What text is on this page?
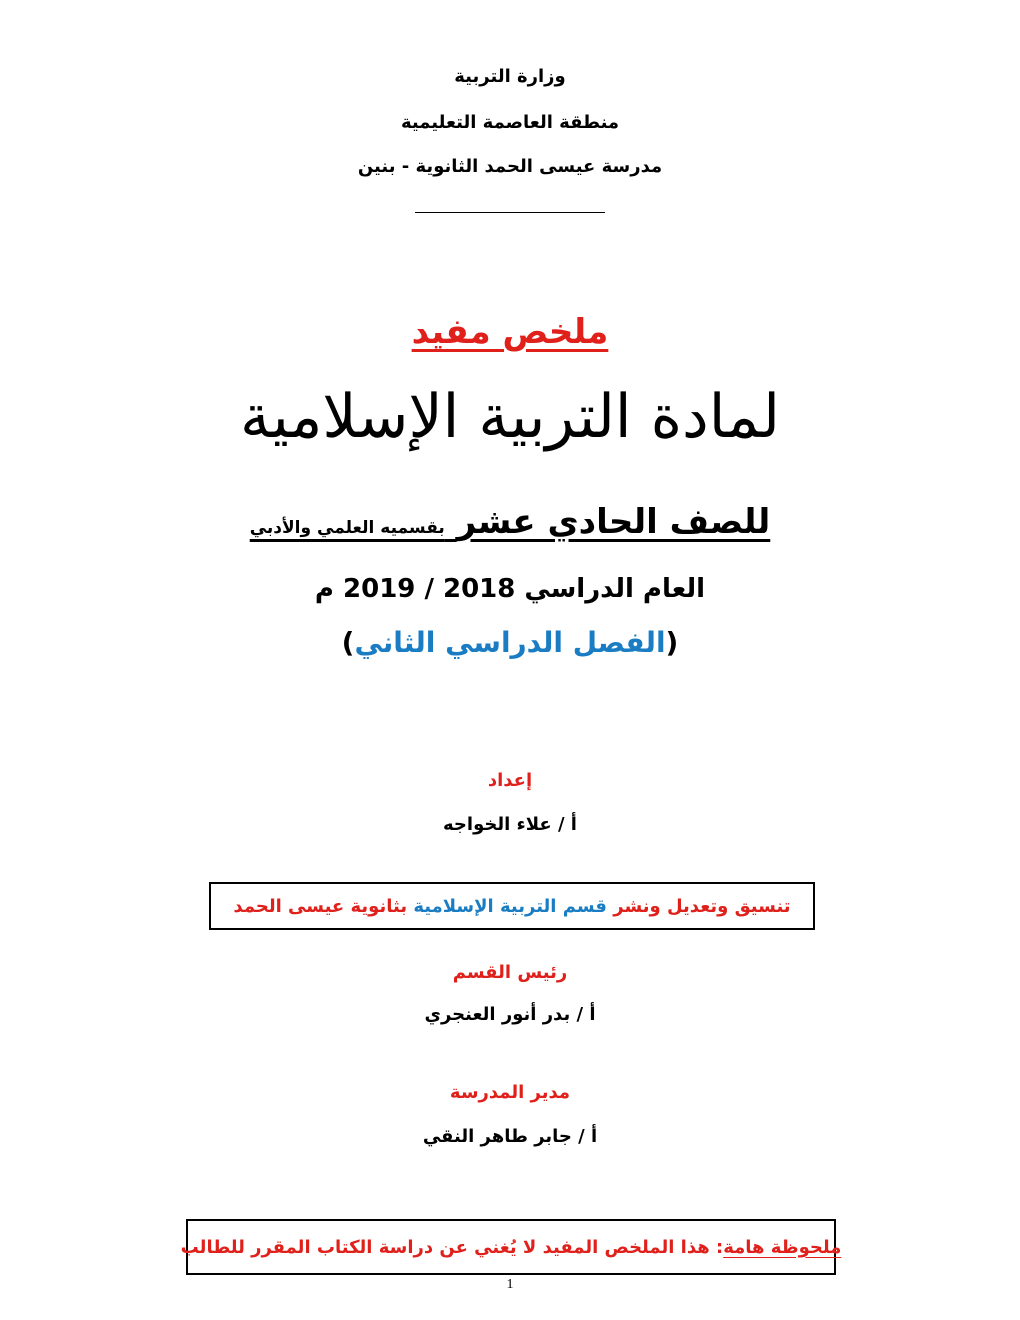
وزارة التربية
منطقة العاصمة التعليمية
مدرسة عيسى الحمد الثانوية - بنين
ملخص مفيد
لمادة التربية الإسلامية
للصف الحادي عشر بقسميه العلمي والأدبي
العام الدراسي 2018 / 2019 م
(الفصل الدراسي الثاني)
إعداد
أ / علاء الخواجه
تنسيق وتعديل ونشر

قسم التربية الإسلامية

بثانوية عيسى الحمد
رئيس القسم
أ / بدر أنور العنجري
مدير المدرسة
أ / جابر طاهر النقي
ملحوظة هامة
: هذا الملخص المفيد لا يُغني عن دراسة الكتاب المقرر للطالب
1
